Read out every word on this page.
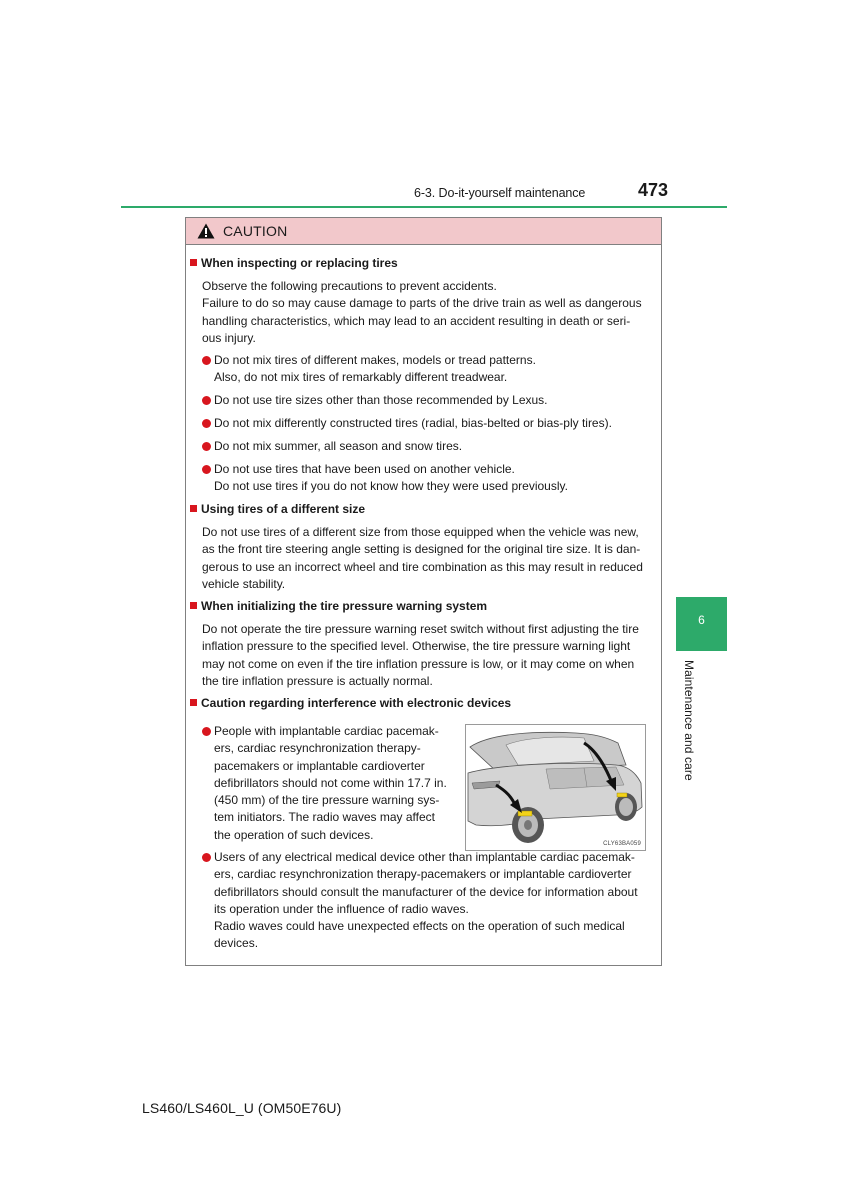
6-3. Do-it-yourself maintenance	473
6
Maintenance and care
CAUTION
When inspecting or replacing tires
Observe the following precautions to prevent accidents.
Failure to do so may cause damage to parts of the drive train as well as dangerous
handling characteristics, which may lead to an accident resulting in death or seri-
ous injury.
Do not mix tires of different makes, models or tread patterns.
Also, do not mix tires of remarkably different treadwear.
Do not use tire sizes other than those recommended by Lexus.
Do not mix differently constructed tires (radial, bias-belted or bias-ply tires).
Do not mix summer, all season and snow tires.
Do not use tires that have been used on another vehicle.
Do not use tires if you do not know how they were used previously.
Using tires of a different size
Do not use tires of a different size from those equipped when the vehicle was new,
as the front tire steering angle setting is designed for the original tire size. It is dan-
gerous to use an incorrect wheel and tire combination as this may result in reduced
vehicle stability.
When initializing the tire pressure warning system
Do not operate the tire pressure warning reset switch without first adjusting the tire
inflation pressure to the specified level. Otherwise, the tire pressure warning light
may not come on even if the tire inflation pressure is low, or it may come on when
the tire inflation pressure is actually normal.
Caution regarding interference with electronic devices
People with implantable cardiac pacemak-
ers, cardiac resynchronization therapy-
pacemakers or implantable cardioverter
defibrillators should not come within 17.7 in.
(450 mm) of the tire pressure warning sys-
tem initiators. The radio waves may affect
the operation of such devices.
CLY63BA059
Users of any electrical medical device other than implantable cardiac pacemak-
ers, cardiac resynchronization therapy-pacemakers or implantable cardioverter
defibrillators should consult the manufacturer of the device for information about
its operation under the influence of radio waves.
Radio waves could have unexpected effects on the operation of such medical
devices.
LS460/LS460L_U (OM50E76U)
